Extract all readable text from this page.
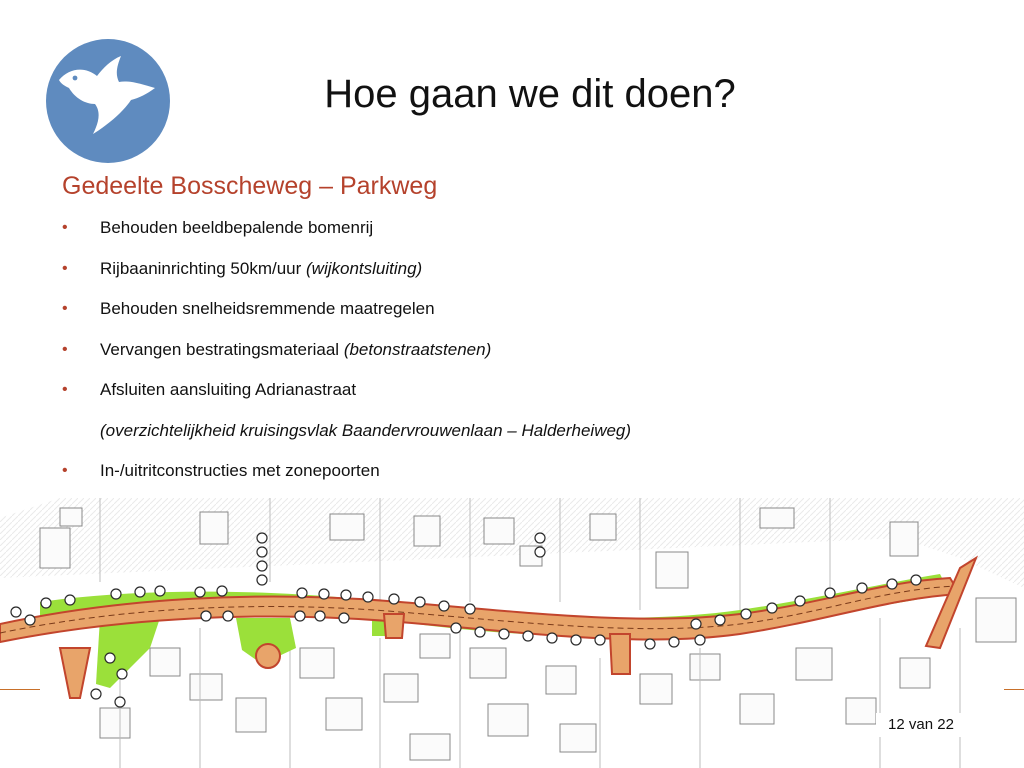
Hoe gaan we dit doen?
Gedeelte Bosscheweg – Parkweg
• Behouden beeldbepalende bomenrij
• Rijbaaninrichting 50km/uur (wijkontsluiting)
• Behouden snelheidsremmende maatregelen
• Vervangen bestratingsmateriaal (betonstraatstenen)
• Afsluiten aansluiting Adrianastraat
(overzichtelijkheid kruisingsvlak Baandervrouwenlaan – Halderheiweg)
• In-/uitritconstructies met zonepoorten
12 van 22
